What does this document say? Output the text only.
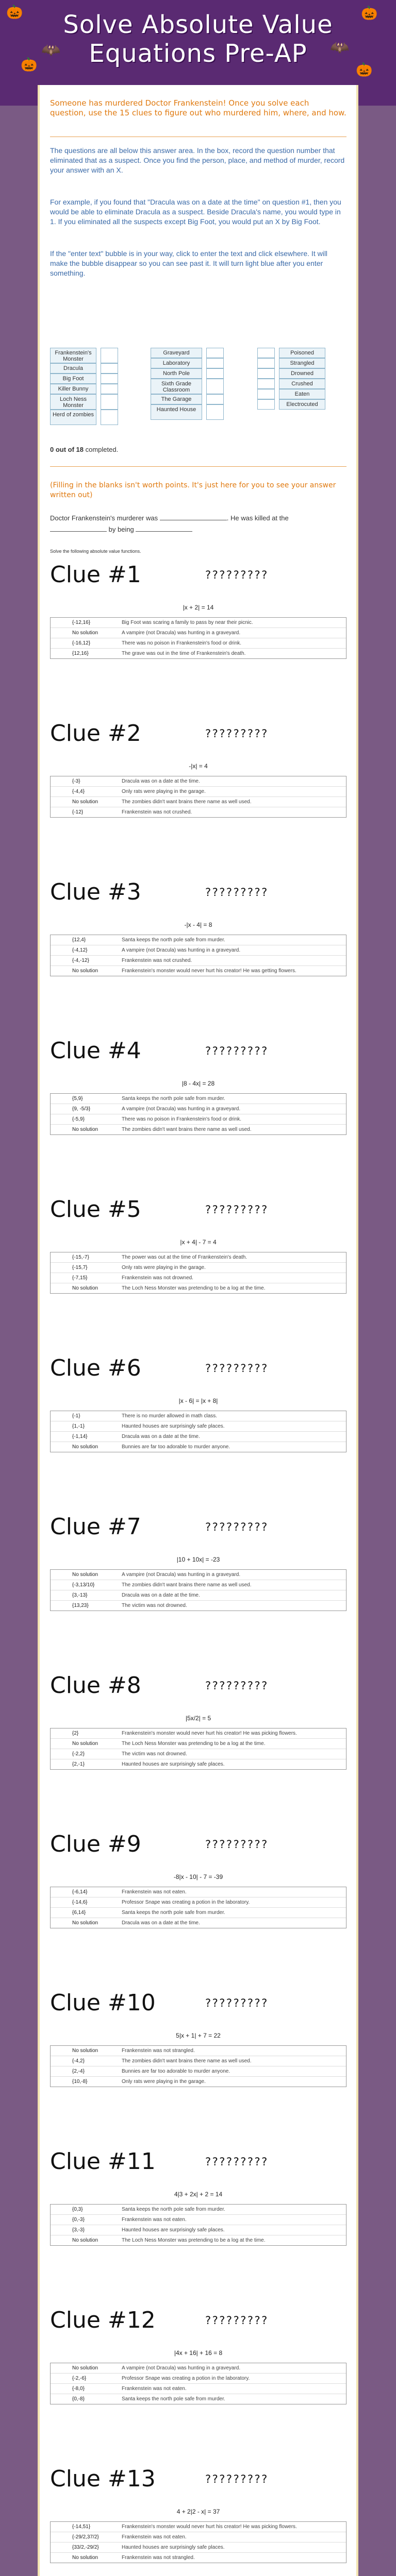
🎃	🎃
🎃	🎃
🦇	🦇
Solve Absolute Value Equations Pre-AP
Someone has murdered Doctor Frankenstein! Once you solve each question, use the 15 clues to figure out who murdered him, where, and how.
The questions are all below this answer area. In the box, record the question number that eliminated that as a suspect. Once you find the person, place, and method of murder, record your answer with an X.
For example, if you found that "Dracula was on a date at the time" on question #1, then you would be able to eliminate Dracula as a suspect. Beside Dracula's name, you would type in 1. If you eliminated all the suspects except Big Foot, you would put an X by Big Foot.
If the "enter text" bubble is in your way, click to enter the text and click elsewhere. It will make the bubble disappear so you can see past it. It will turn light blue after you enter something.
Frankenstein's Monster
Dracula
Big Foot
Killer Bunny
Loch Ness Monster
Herd of zombies
Graveyard
Laboratory
North Pole
Sixth Grade Classroom
The Garage
Haunted House
Poisoned
Strangled
Drowned
Crushed
Eaten
Electrocuted
0 out of 18 completed.
(Filling in the blanks isn't worth points. It's just here for you to see your answer written out)
Doctor Frankenstein's murderer was	. He was killed at the  by being
Solve the following absolute value functions.
Clue #1	?????????
|x + 2| = 14
{-12,16}	Big Foot was scaring a family to pass by near their picnic.
No solution	A vampire (not Dracula) was hunting in a graveyard.
{-16,12}	There was no poison in Frankenstein's food or drink.
{12,16}	The grave was out in the time of Frankenstein's death.
Clue #2	?????????
-|x| = 4
{-3}	Dracula was on a date at the time.
{-4,4}	Only rats were playing in the garage.
No solution	The zombies didn't want brains there name as well used.
{-12}	Frankenstein was not crushed.
Clue #3	?????????
-|x - 4| = 8
{12,4}	Santa keeps the north pole safe from murder.
{-4,12}	A vampire (not Dracula) was hunting in a graveyard.
{-4,-12}	Frankenstein was not crushed.
No solution	Frankenstein's monster would never hurt his creator! He was getting flowers.
Clue #4	?????????
|8 - 4x| = 28
{5,9}	Santa keeps the north pole safe from murder.
{9, -5/3}	A vampire (not Dracula) was hunting in a graveyard.
{-5,9}	There was no poison in Frankenstein's food or drink.
No solution	The zombies didn't want brains there name as well used.
Clue #5	?????????
|x + 4| - 7 = 4
{-15,-7}	The power was out at the time of Frankenstein's death.
{-15,7}	Only rats were playing in the garage.
{-7,15}	Frankenstein was not drowned.
No solution	The Loch Ness Monster was pretending to be a log at the time.
Clue #6	?????????
|x - 6| = |x + 8|
{-1}	There is no murder allowed in math class.
{1,-1}	Haunted houses are surprisingly safe places.
{-1,14}	Dracula was on a date at the time.
No solution	Bunnies are far too adorable to murder anyone.
Clue #7	?????????
|10 + 10x| = -23
No solution	A vampire (not Dracula) was hunting in a graveyard.
{-3,13/10}	The zombies didn't want brains there name as well used.
{3,-13}	Dracula was on a date at the time.
{13,23}	The victim was not drowned.
Clue #8	?????????
|5x/2| = 5
{2}	Frankenstein's monster would never hurt his creator! He was picking flowers.
No solution	The Loch Ness Monster was pretending to be a log at the time.
{-2,2}	The victim was not drowned.
{2,-1}	Haunted houses are surprisingly safe places.
Clue #9	?????????
-8|x - 10| - 7 = -39
{-6,14}	Frankenstein was not eaten.
{-14,6}	Professor Snape was creating a potion in the laboratory.
{6,14}	Santa keeps the north pole safe from murder.
No solution	Dracula was on a date at the time.
Clue #10	?????????
5|x + 1| + 7 = 22
No solution	Frankenstein was not strangled.
{-4,2}	The zombies didn't want brains there name as well used.
{2,-4}	Bunnies are far too adorable to murder anyone.
{10,-8}	Only rats were playing in the garage.
Clue #11	?????????
4|3 + 2x| + 2 = 14
{0,3}	Santa keeps the north pole safe from murder.
{0,-3}	Frankenstein was not eaten.
{3,-3}	Haunted houses are surprisingly safe places.
No solution	The Loch Ness Monster was pretending to be a log at the time.
Clue #12	?????????
|4x + 16| + 16 = 8
No solution	A vampire (not Dracula) was hunting in a graveyard.
{-2,-6}	Professor Snape was creating a potion in the laboratory.
{-8,0}	Frankenstein was not eaten.
{0,-8}	Santa keeps the north pole safe from murder.
Clue #13	?????????
4 + 2|2 - x| = 37
{-14,51}	Frankenstein's monster would never hurt his creator! He was picking flowers.
{-29/2,37/2}	Frankenstein was not eaten.
{33/2,-29/2}	Haunted houses are surprisingly safe places.
No solution	Frankenstein was not strangled.
